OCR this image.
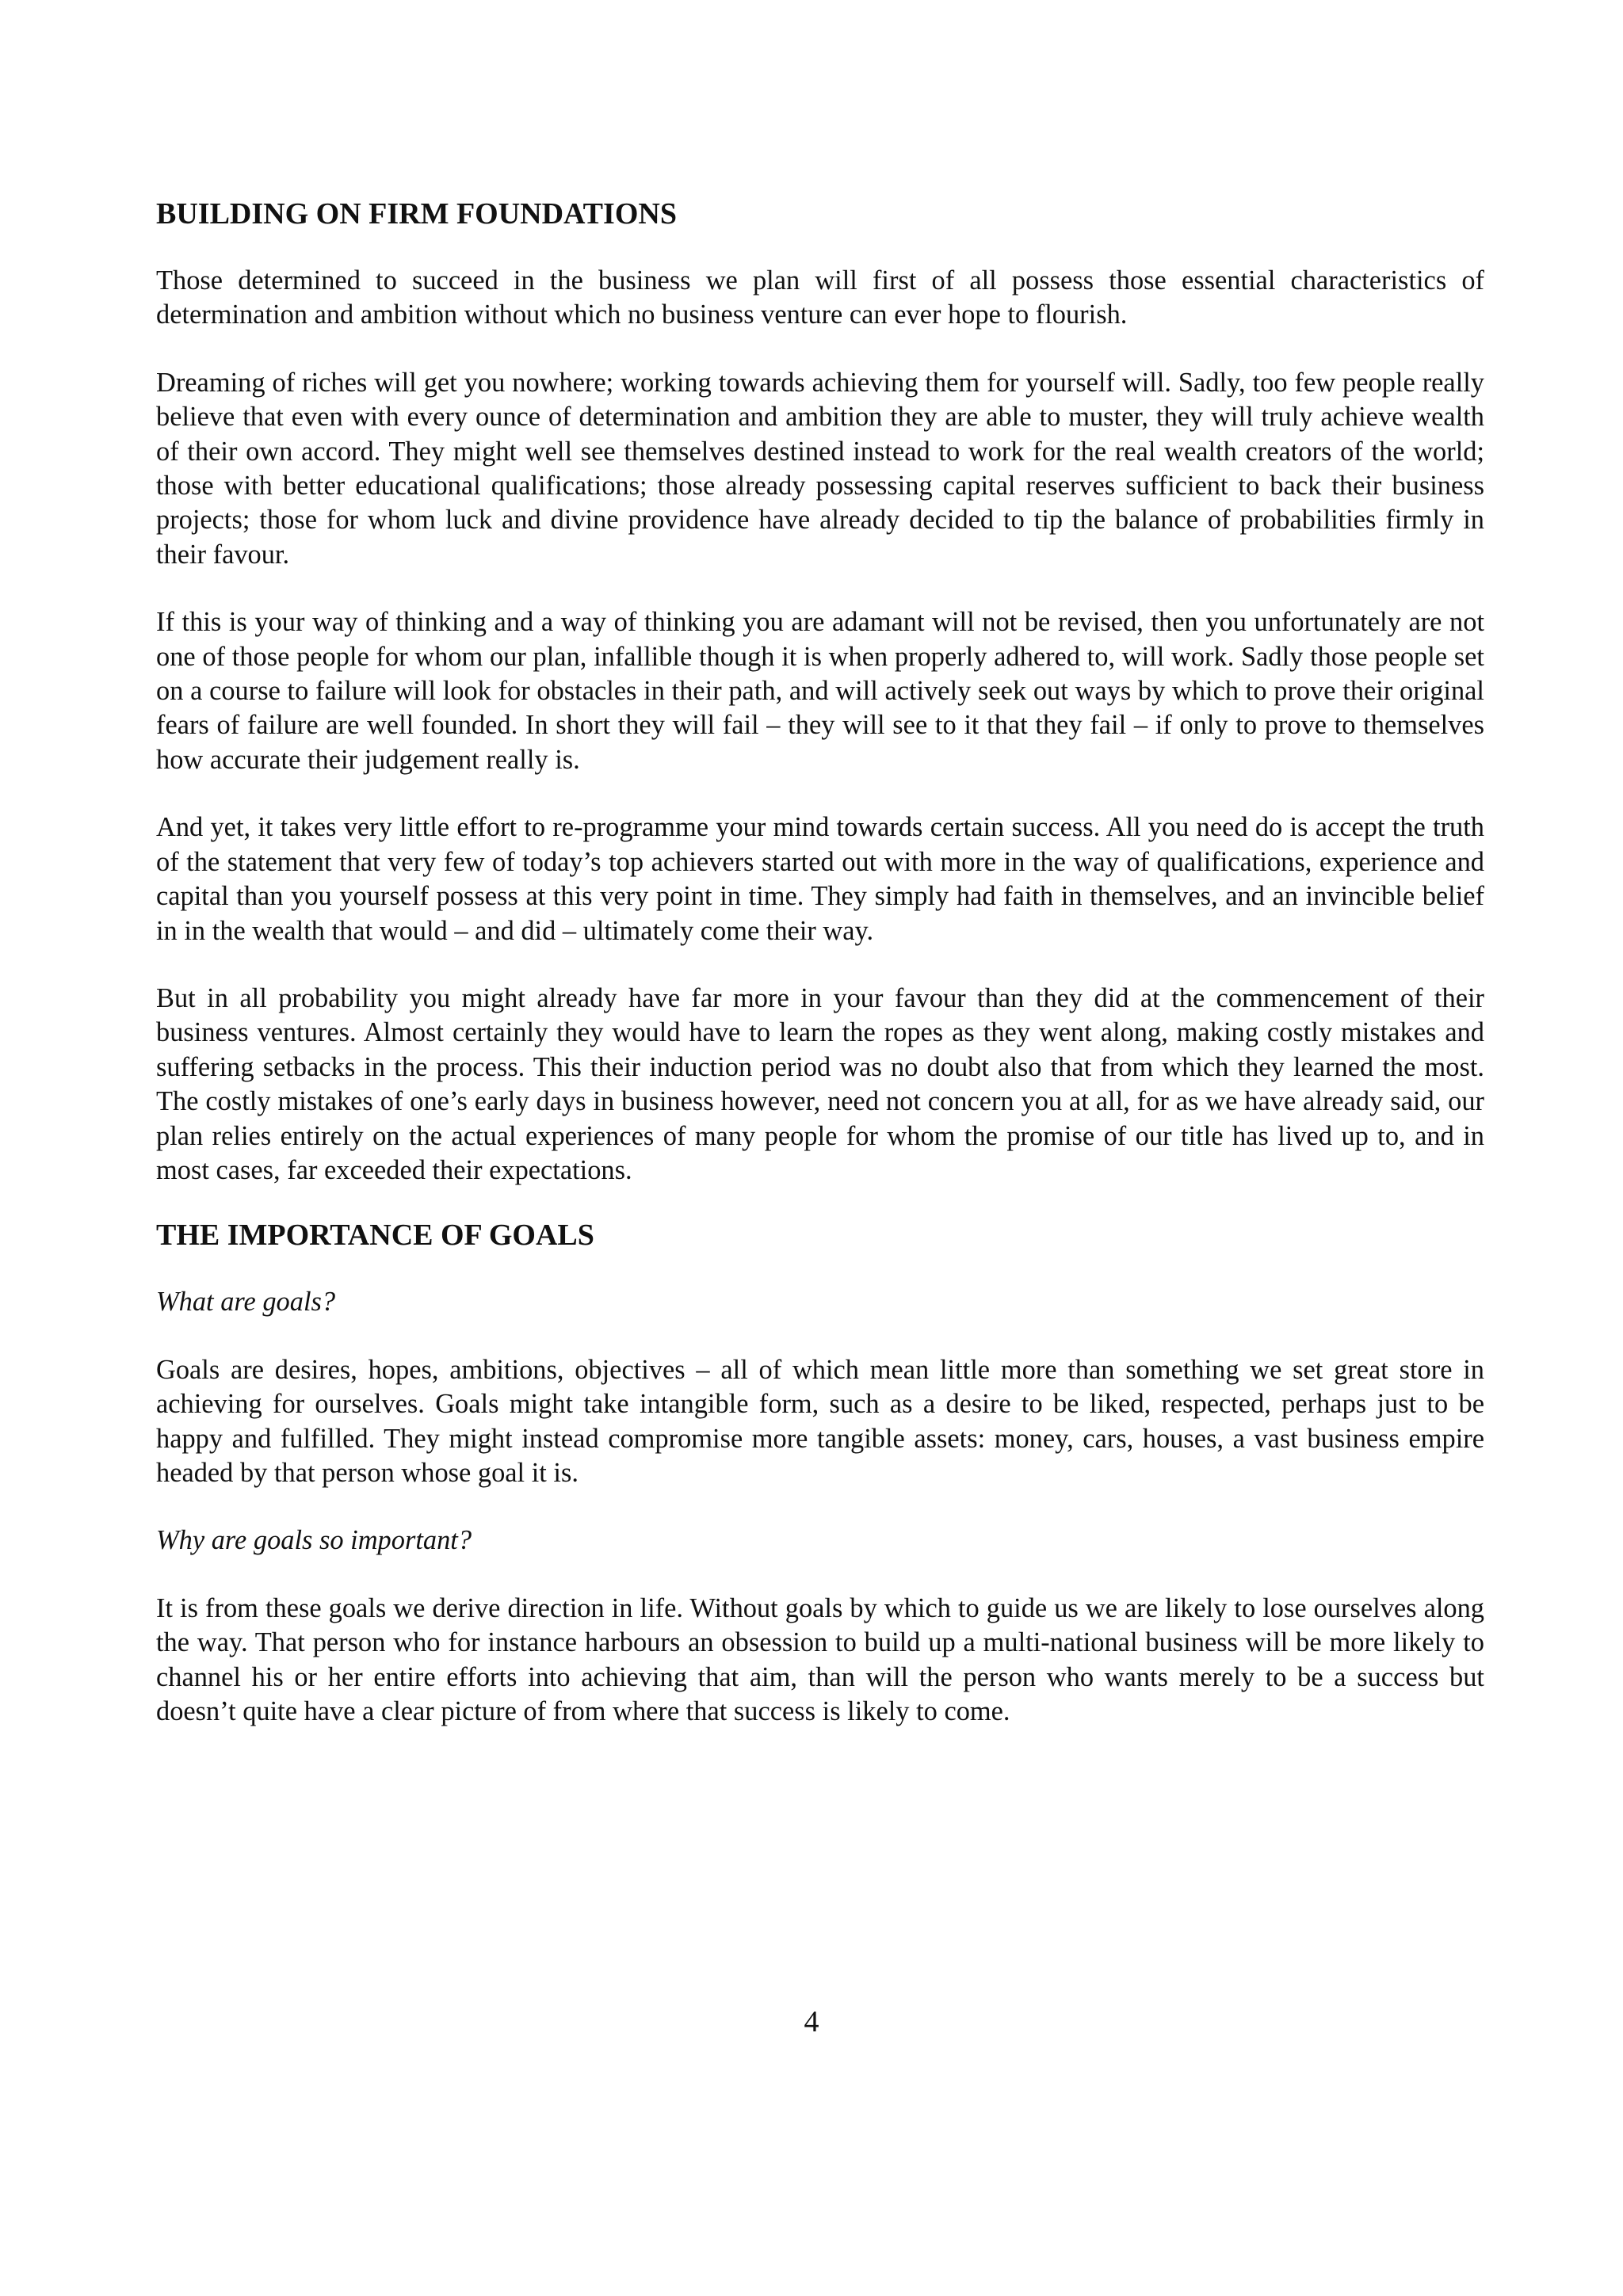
BUILDING ON FIRM FOUNDATIONS

Those determined to succeed in the business we plan will first of all possess those essential characteristics of determination and ambition without which no business venture can ever hope to flourish.

Dreaming of riches will get you nowhere; working towards achieving them for yourself will. Sadly, too few people really believe that even with every ounce of determination and ambition they are able to muster, they will truly achieve wealth of their own accord. They might well see themselves destined instead to work for the real wealth creators of the world; those with better educational qualifications; those already possessing capital reserves sufficient to back their business projects; those for whom luck and divine providence have already decided to tip the balance of probabilities firmly in their favour.

If this is your way of thinking and a way of thinking you are adamant will not be revised, then you unfortunately are not one of those people for whom our plan, infallible though it is when properly adhered to, will work. Sadly those people set on a course to failure will look for obstacles in their path, and will actively seek out ways by which to prove their original fears of failure are well founded. In short they will fail – they will see to it that they fail – if only to prove to themselves how accurate their judgement really is.

And yet, it takes very little effort to re-programme your mind towards certain success. All you need do is accept the truth of the statement that very few of today’s top achievers started out with more in the way of qualifications, experience and capital than you yourself possess at this very point in time. They simply had faith in themselves, and an invincible belief in in the wealth that would – and did – ultimately come their way.

But in all probability you might already have far more in your favour than they did at the commencement of their business ventures. Almost certainly they would have to learn the ropes as they went along, making costly mistakes and suffering setbacks in the process. This their induction period was no doubt also that from which they learned the most. The costly mistakes of one’s early days in business however, need not concern you at all, for as we have already said, our plan relies entirely on the actual experiences of many people for whom the promise of our title has lived up to, and in most cases, far exceeded their expectations.

THE IMPORTANCE OF GOALS

What are goals?

Goals are desires, hopes, ambitions, objectives – all of which mean little more than something we set great store in achieving for ourselves. Goals might take intangible form, such as a desire to be liked, respected, perhaps just to be happy and fulfilled. They might instead compromise more tangible assets: money, cars, houses, a vast business empire headed by that person whose goal it is.

Why are goals so important?

It is from these goals we derive direction in life. Without goals by which to guide us we are likely to lose ourselves along the way. That person who for instance harbours an obsession to build up a multi-national business will be more likely to channel his or her entire efforts into achieving that aim, than will the person who wants merely to be a success but doesn’t quite have a clear picture of from where that success is likely to come.

4
